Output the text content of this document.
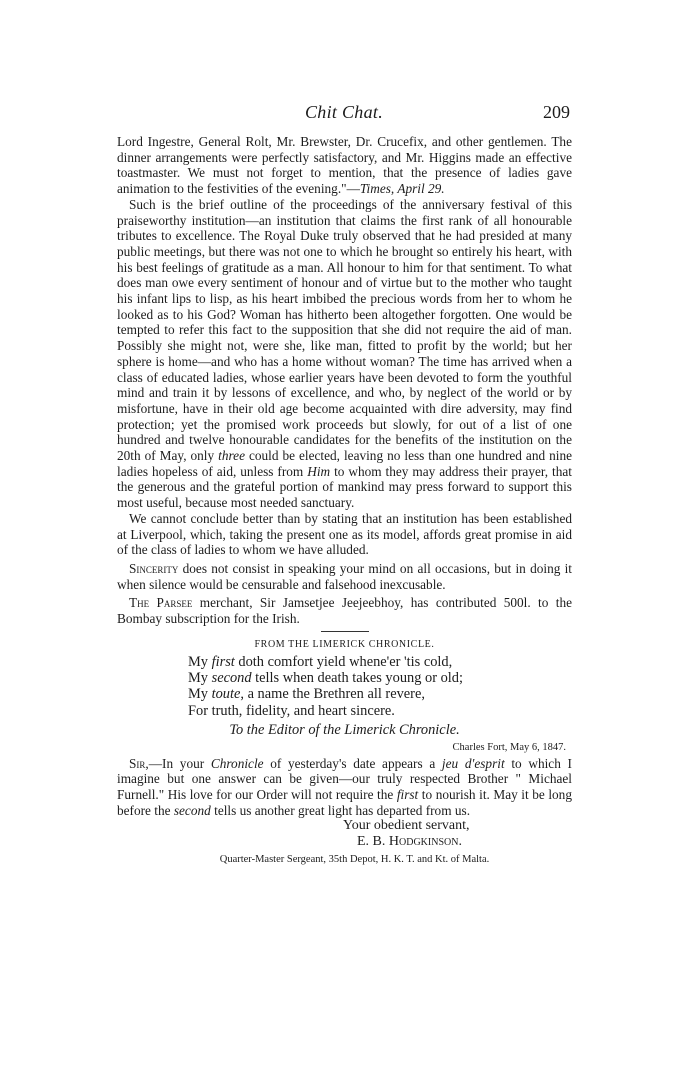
Chit Chat.	209

Lord Ingestre, General Rolt, Mr. Brewster, Dr. Crucefix, and other gentlemen. The dinner arrangements were perfectly satisfactory, and Mr. Higgins made an effective toastmaster. We must not forget to mention, that the presence of ladies gave animation to the festivities of the evening."—Times, April 29.

Such is the brief outline of the proceedings of the anniversary festival of this praiseworthy institution—an institution that claims the first rank of all honourable tributes to excellence. The Royal Duke truly observed that he had presided at many public meetings, but there was not one to which he brought so entirely his heart, with his best feelings of gratitude as a man. All honour to him for that sentiment. To what does man owe every sentiment of honour and of virtue but to the mother who taught his infant lips to lisp, as his heart imbibed the precious words from her to whom he looked as to his God? Woman has hitherto been altogether forgotten. One would be tempted to refer this fact to the supposition that she did not require the aid of man. Possibly she might not, were she, like man, fitted to profit by the world; but her sphere is home—and who has a home without woman? The time has arrived when a class of educated ladies, whose earlier years have been devoted to form the youthful mind and train it by lessons of excellence, and who, by neglect of the world or by misfortune, have in their old age become acquainted with dire adversity, may find protection; yet the promised work proceeds but slowly, for out of a list of one hundred and twelve honourable candidates for the benefits of the institution on the 20th of May, only three could be elected, leaving no less than one hundred and nine ladies hopeless of aid, unless from Him to whom they may address their prayer, that the generous and the grateful portion of mankind may press forward to support this most useful, because most needed sanctuary.

We cannot conclude better than by stating that an institution has been established at Liverpool, which, taking the present one as its model, affords great promise in aid of the class of ladies to whom we have alluded.

Sincerity does not consist in speaking your mind on all occasions, but in doing it when silence would be censurable and falsehood inexcusable.

The Parsee merchant, Sir Jamsetjee Jeejeebhoy, has contributed 500l. to the Bombay subscription for the Irish.

FROM THE LIMERICK CHRONICLE.

My first doth comfort yield whene'er 'tis cold,
My second tells when death takes young or old;
My toute, a name the Brethren all revere,
For truth, fidelity, and heart sincere.

To the Editor of the Limerick Chronicle.

Charles Fort, May 6, 1847.

Sir,—In your Chronicle of yesterday's date appears a jeu d'esprit to which I imagine but one answer can be given—our truly respected Brother " Michael Furnell." His love for our Order will not require the first to nourish it. May it be long before the second tells us another great light has departed from us.

Your obedient servant,

E. B. Hodgkinson.

Quarter-Master Sergeant, 35th Depot, H. K. T. and Kt. of Malta.
